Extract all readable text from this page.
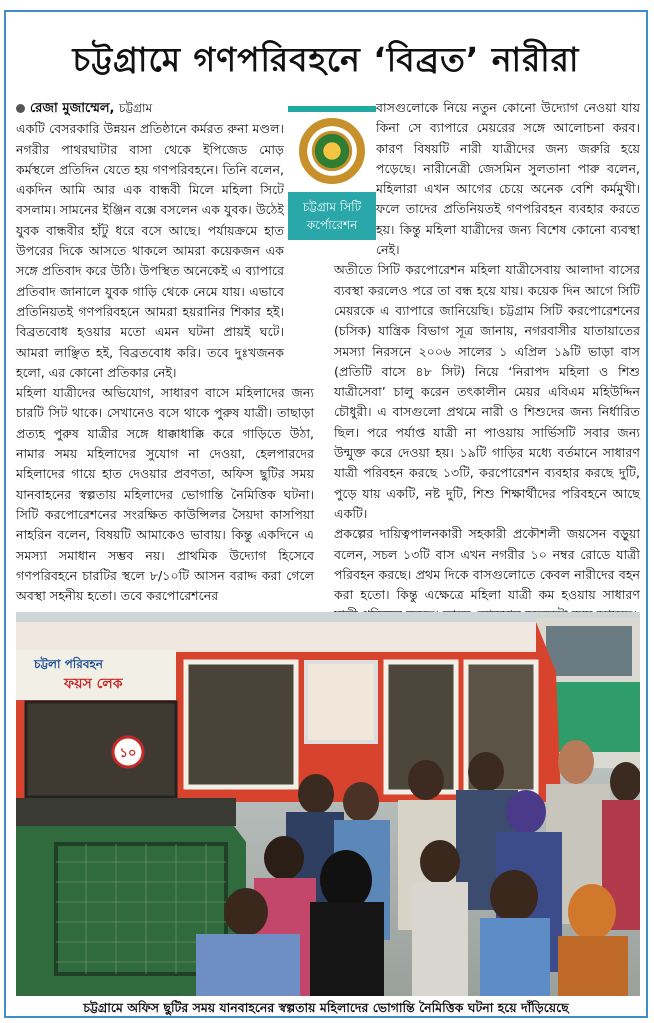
চট্টগ্রামে গণপরিবহনে ‘বিব্রত’ নারীরা
রেজা মুজাম্মেল, চট্টগ্রাম
একটি বেসরকারি উন্নয়ন প্রতিষ্ঠানে কর্মরত রুনা মণ্ডল। নগরীর পাথরঘাটার বাসা থেকে ইপিজেড মোড় কর্মস্থলে প্রতিদিন যেতে হয় গণপরিবহনে। তিনি বলেন, একদিন আমি আর এক বান্ধবী মিলে মহিলা সিটে বসলাম। সামনের ইঞ্জিন বক্সে বসলেন এক যুবক। উঠেই যুবক বান্ধবীর হাঁটু ধরে বসে আছে। পর্যায়ক্রমে হাত উপরের দিকে আসতে থাকলে আমরা কয়েকজন এক সঙ্গে প্রতিবাদ করে উঠি। উপস্থিত অনেকেই এ ব্যাপারে প্রতিবাদ জানালে যুবক গাড়ি থেকে নেমে যায়। এভাবে প্রতিনিয়তই গণপরিবহনে আমরা হয়রানির শিকার হই। বিব্রতবোধ হওয়ার মতো এমন ঘটনা প্রায়ই ঘটে। আমরা লাঞ্ছিত হই, বিব্রতবোধ করি। তবে দুঃখজনক হলো, এর কোনো প্রতিকার নেই।
মহিলা যাত্রীদের অভিযোগ, সাধারণ বাসে মহিলাদের জন্য চারটি সিট থাকে। সেখানেও বসে থাকে পুরুষ যাত্রী। তাছাড়া প্রত্যহ পুরুষ যাত্রীর সঙ্গে ধাক্কাধাক্কি করে গাড়িতে উঠা, নামার সময় মহিলাদের সুযোগ না দেওয়া, হেলপারদের মহিলাদের গায়ে হাত দেওয়ার প্রবণতা, অফিস ছুটির সময় যানবাহনের স্বল্পতায় মহিলাদের ভোগান্তি নৈমিত্তিক ঘটনা। সিটি করপোরেশনের সংরক্ষিত কাউন্সিলর সৈয়দা কাসপিয়া নাহরিন বলেন, বিষয়টি আমাকেও ভাবায়। কিন্তু একদিনে এ সমস্যা সমাধান সম্ভব নয়। প্রাথমিক উদ্যোগ হিসেবে গণপরিবহনে চারটির স্থলে ৮/১০টি আসন বরাদ্দ করা গেলে অবস্থা সহনীয় হতো। তবে করপোরেশনের
বাসগুলোকে নিয়ে নতুন কোনো উদ্যোগ নেওয়া যায় কিনা সে ব্যাপারে মেয়রের সঙ্গে আলোচনা করব। কারণ বিষয়টি নারী যাত্রীদের জন্য জরুরি হয়ে পড়েছে। নারীনেত্রী জেসমিন সুলতানা পারু বলেন, মহিলারা এখন আগের চেয়ে অনেক বেশি কর্মমুখী। ফলে তাদের প্রতিনিয়তই গণপরিবহন ব্যবহার করতে হয়। কিন্তু মহিলা যাত্রীদের জন্য বিশেষ কোনো ব্যবস্থা নেই।
অতীতে সিটি করপোরেশন মহিলা যাত্রীসেবায় আলাদা বাসের ব্যবস্থা করলেও পরে তা বন্ধ হয়ে যায়। কয়েক দিন আগে সিটি মেয়রকে এ ব্যাপারে জানিয়েছি। চট্টগ্রাম সিটি করপোরেশনের (চসিক) যান্ত্রিক বিভাগ সূত্র জানায়, নগরবাসীর যাতায়াতের সমস্যা নিরসনে ২০০৬ সালের ১ এপ্রিল ১৯টি ভাড়া বাস (প্রতিটি বাসে ৪৮ সিট) নিয়ে ‘নিরাপদ মহিলা ও শিশু যাত্রীসেবা’ চালু করেন তৎকালীন মেয়র এবিএম মহিউদ্দিন চৌধুরী। এ বাসগুলো প্রথমে নারী ও শিশুদের জন্য নির্ধারিত ছিল। পরে পর্যাপ্ত যাত্রী না পাওয়ায় সার্ভিসটি সবার জন্য উন্মুক্ত করে দেওয়া হয়। ১৯টি গাড়ির মধ্যে বর্তমানে সাধারণ যাত্রী পরিবহন করছে ১৩টি, করপোরেশন ব্যবহার করছে দুটি, পুড়ে যায় একটি, নষ্ট দুটি, শিশু শিক্ষার্থীদের পরিবহনে আছে একটি।
প্রকল্পের দায়িত্বপালনকারী সহকারী প্রকৌশলী জয়সেন বড়ুয়া বলেন, সচল ১৩টি বাস এখন নগরীর ১০ নম্বর রোডে যাত্রী পরিবহন করছে। প্রথম দিকে বাসগুলোতে কেবল নারীদের বহন করা হতো। কিন্তু এক্ষেত্রে মহিলা যাত্রী কম হওয়ায় সাধারণ
চট্টগ্রাম সিটি
কর্পোরেশন
চট্টলা পরিবহন
ফয়স লেক
১০
চট্টগ্রামে অফিস ছুটির সময় যানবাহনের স্বল্পতায় মহিলাদের ভোগান্তি নৈমিত্তিক ঘটনা হয়ে দাঁড়িয়েছে
